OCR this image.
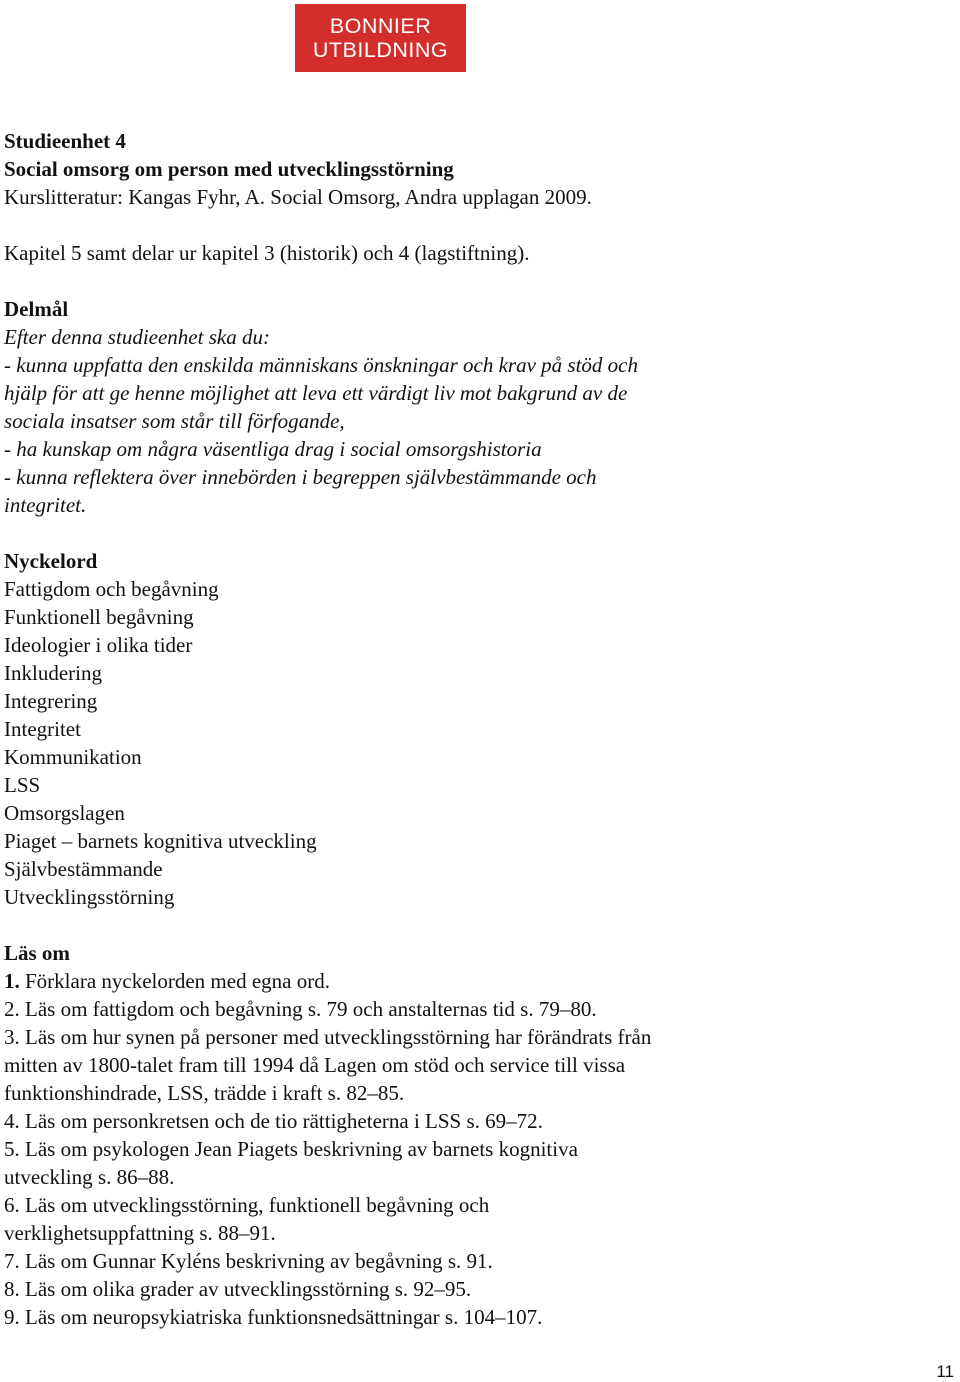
BONNIER
UTBILDNING
Studieenhet 4
Social omsorg om person med utvecklingsstörning
Kurslitteratur: Kangas Fyhr, A. Social Omsorg, Andra upplagan 2009.
Kapitel 5 samt delar ur kapitel 3 (historik) och 4 (lagstiftning).
Delmål
Efter denna studieenhet ska du:
- kunna uppfatta den enskilda människans önskningar och krav på stöd och
hjälp för att ge henne möjlighet att leva ett värdigt liv mot bakgrund av de
sociala insatser som står till förfogande,
- ha kunskap om några väsentliga drag i social omsorgshistoria
- kunna reflektera över innebörden i begreppen självbestämmande och
integritet.
Nyckelord
Fattigdom och begåvning
Funktionell begåvning
Ideologier i olika tider
Inkludering
Integrering
Integritet
Kommunikation
LSS
Omsorgslagen
Piaget – barnets kognitiva utveckling
Självbestämmande
Utvecklingsstörning
Läs om
1. Förklara nyckelorden med egna ord.
2. Läs om fattigdom och begåvning s. 79 och anstalternas tid s. 79–80.
3. Läs om hur synen på personer med utvecklingsstörning har förändrats från
mitten av 1800-talet fram till 1994 då Lagen om stöd och service till vissa
funktionshindrade, LSS, trädde i kraft s. 82–85.
4. Läs om personkretsen och de tio rättigheterna i LSS s. 69–72.
5. Läs om psykologen Jean Piagets beskrivning av barnets kognitiva
utveckling s. 86–88.
6. Läs om utvecklingsstörning, funktionell begåvning och
verklighetsuppfattning s. 88–91.
7. Läs om Gunnar Kyléns beskrivning av begåvning s. 91.
8. Läs om olika grader av utvecklingsstörning s. 92–95.
9. Läs om neuropsykiatriska funktionsnedsättningar s. 104–107.
11
